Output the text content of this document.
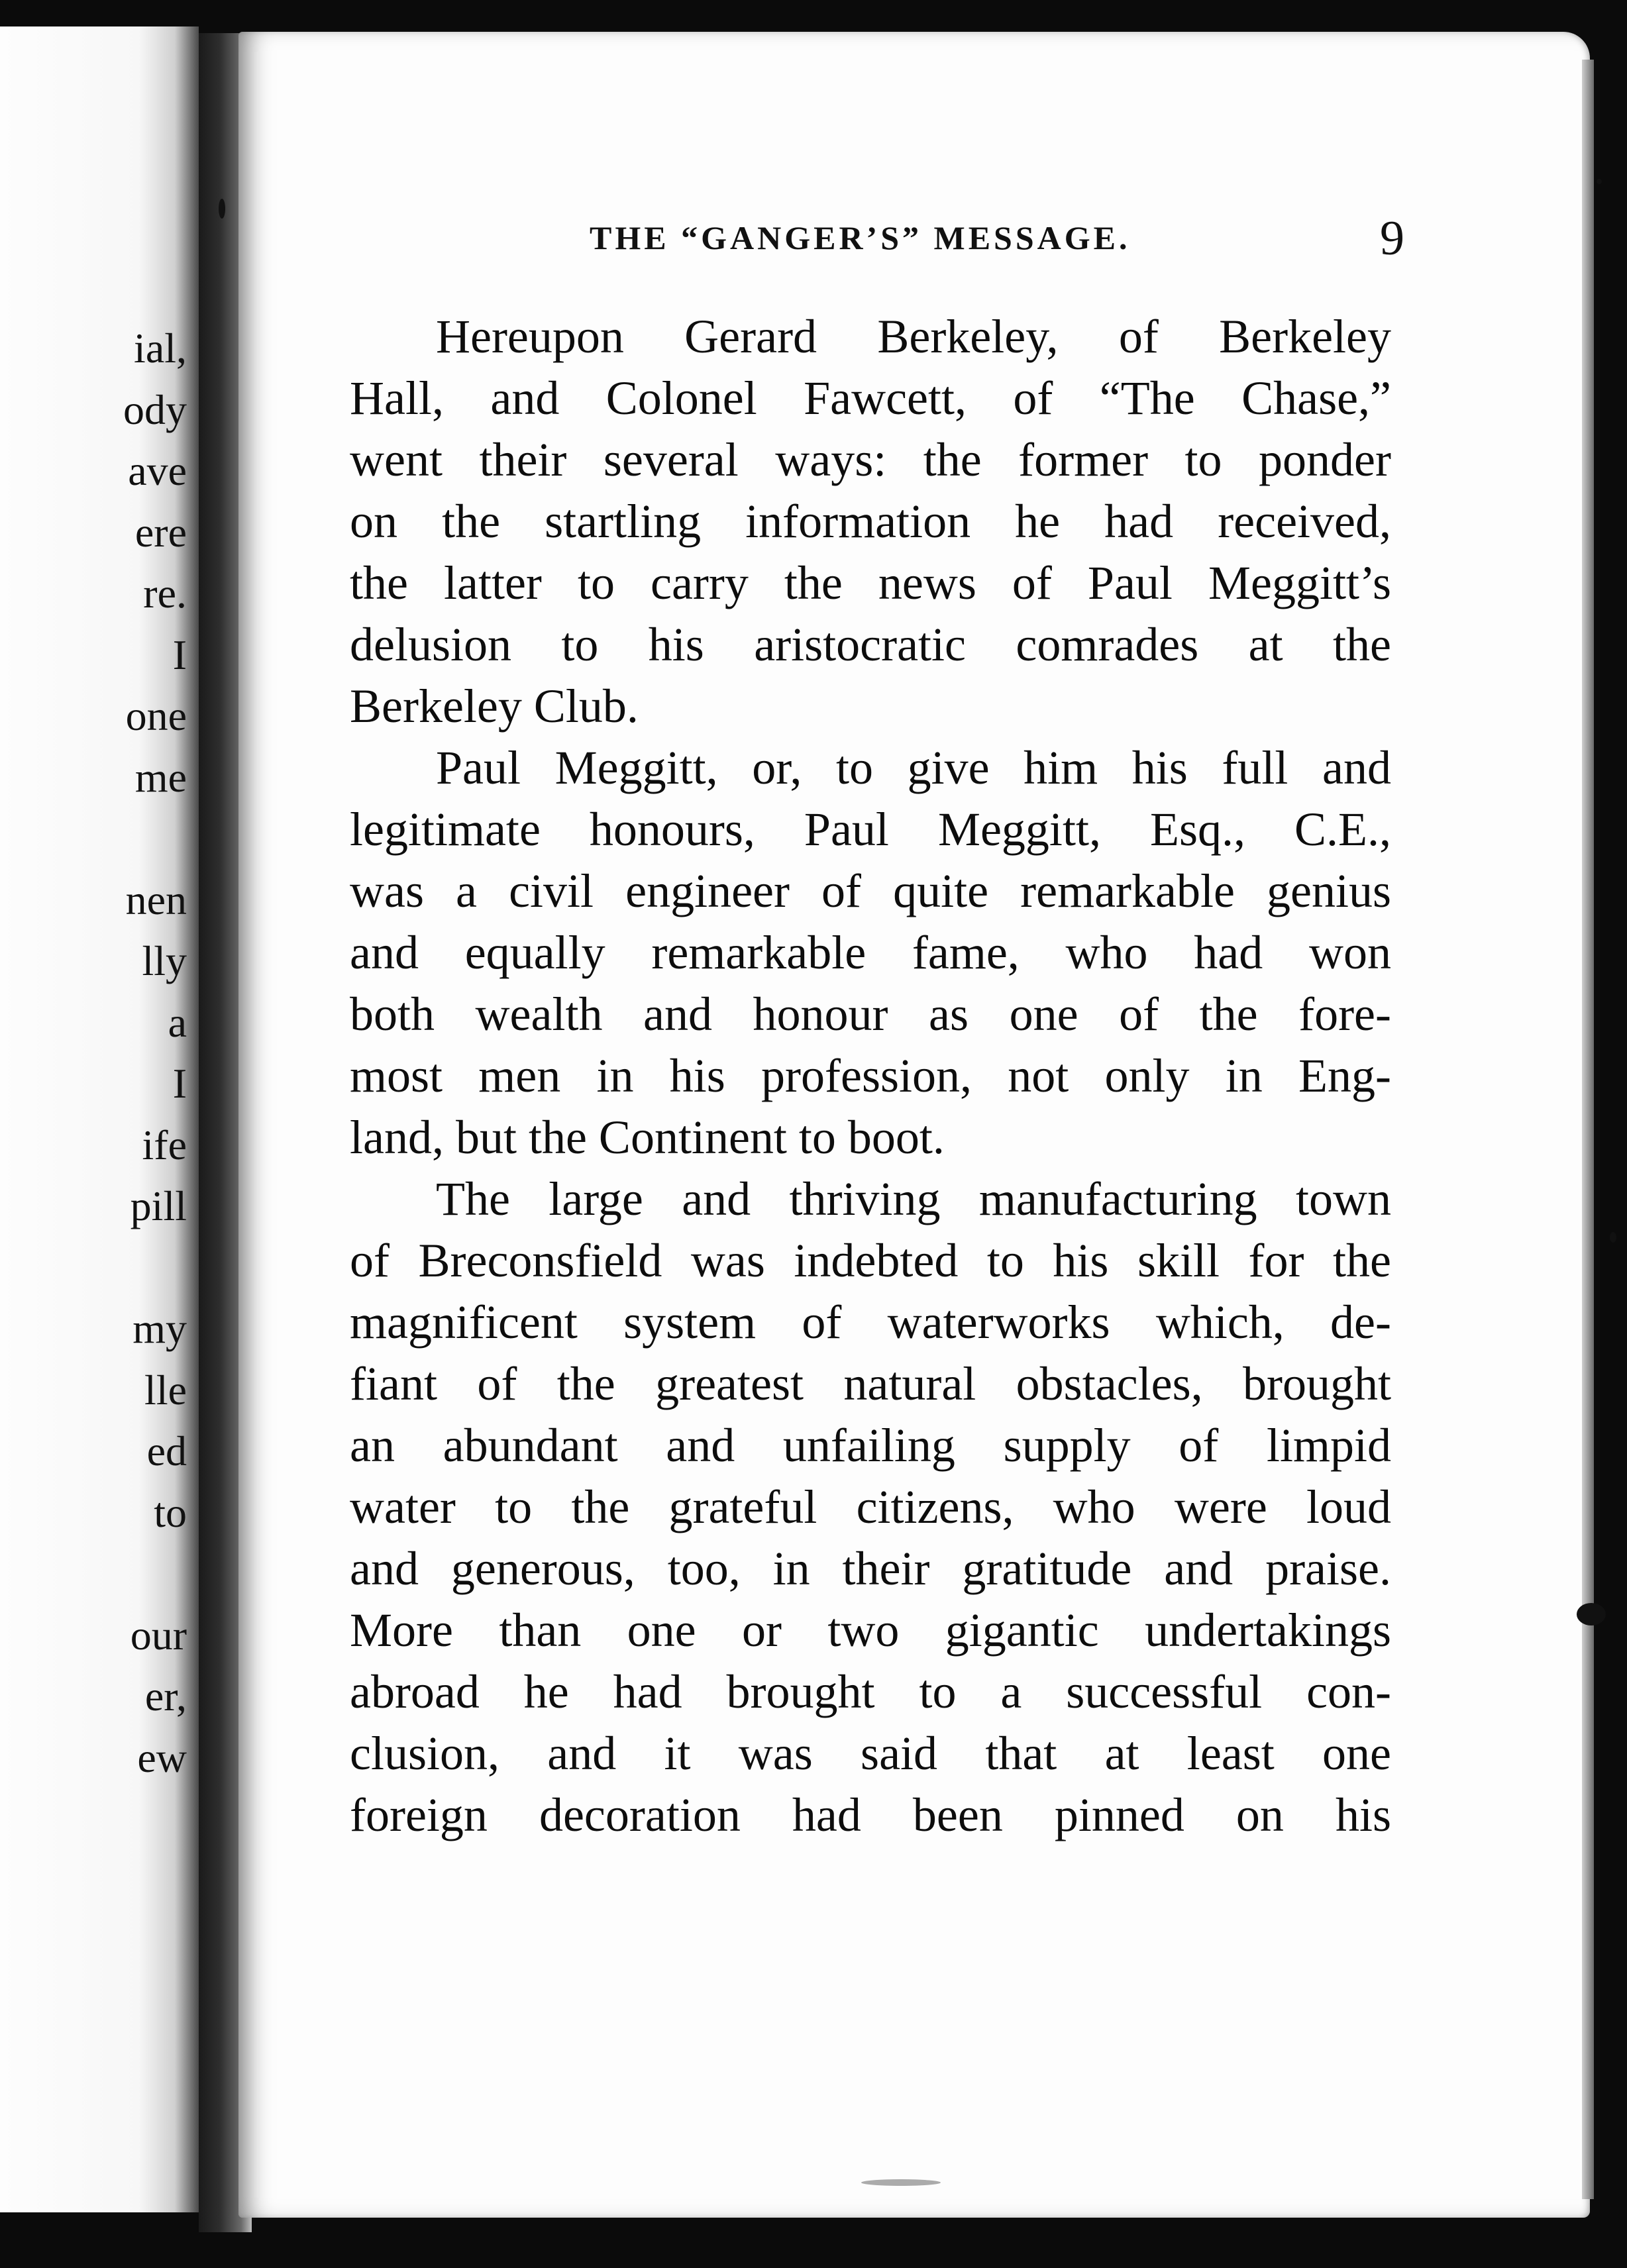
ial,
ody
ave
ere
re.
I
one
me
nen
lly
a
I
ife
pill
my
lle
ed
to
our
er,
ew
THE “GANGER’S” MESSAGE.	9
Hereupon Gerard Berkeley, of Berkeley
Hall, and Colonel Fawcett, of “The Chase,”
went their several ways: the former to ponder
on the startling information he had received,
the latter to carry the news of Paul Meggitt’s
delusion to his aristocratic comrades at the
Berkeley Club.
Paul Meggitt, or, to give him his full and
legitimate honours, Paul Meggitt, Esq., C.E.,
was a civil engineer of quite remarkable genius
and equally remarkable fame, who had won
both wealth and honour as one of the fore-
most men in his profession, not only in Eng-
land, but the Continent to boot.
The large and thriving manufacturing town
of Breconsfield was indebted to his skill for the
magnificent system of waterworks which, de-
fiant of the greatest natural obstacles, brought
an abundant and unfailing supply of limpid
water to the grateful citizens, who were loud
and generous, too, in their gratitude and praise.
More than one or two gigantic undertakings
abroad he had brought to a successful con-
clusion, and it was said that at least one
foreign decoration had been pinned on his
